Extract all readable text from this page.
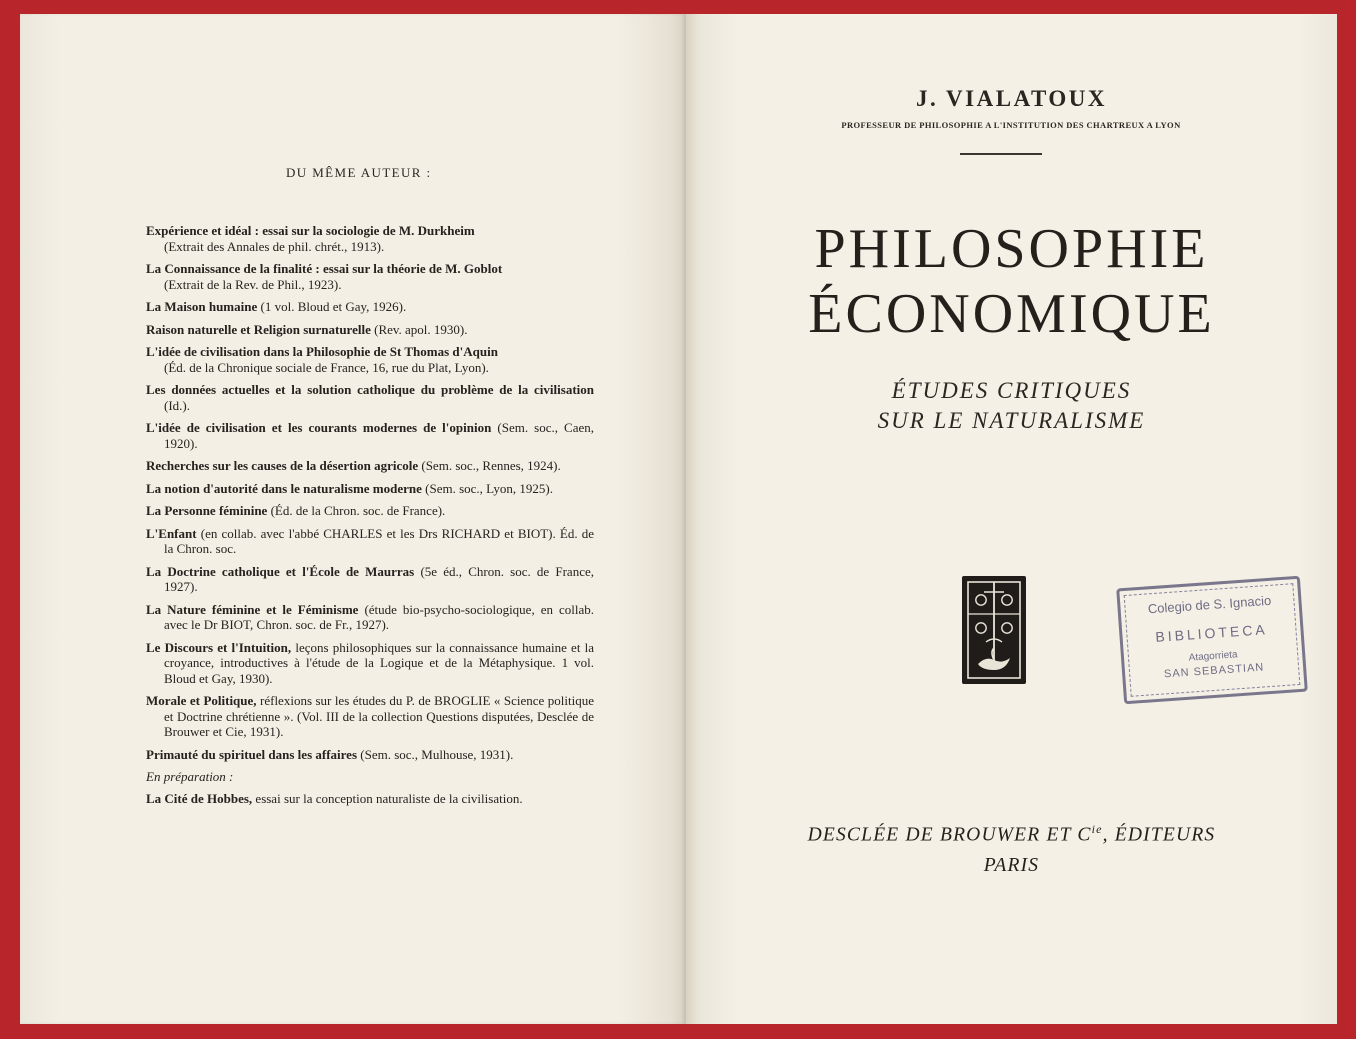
DU MÊME AUTEUR :
Expérience et idéal : essai sur la sociologie de M. Durkheim
(Extrait des Annales de phil. chrét., 1913).
La Connaissance de la finalité : essai sur la théorie de M. Goblot
(Extrait de la Rev. de Phil., 1923).
La Maison humaine (1 vol. Bloud et Gay, 1926).
Raison naturelle et Religion surnaturelle (Rev. apol. 1930).
L'idée de civilisation dans la Philosophie de St Thomas d'Aquin
(Éd. de la Chronique sociale de France, 16, rue du Plat, Lyon).
Les données actuelles et la solution catholique du problème de la civilisation (Id.).
L'idée de civilisation et les courants modernes de l'opinion (Sem. soc., Caen, 1920).
Recherches sur les causes de la désertion agricole (Sem. soc., Rennes, 1924).
La notion d'autorité dans le naturalisme moderne (Sem. soc., Lyon, 1925).
La Personne féminine (Éd. de la Chron. soc. de France).
L'Enfant (en collab. avec l'abbé CHARLES et les Drs RICHARD et BIOT). Éd. de la Chron. soc.
La Doctrine catholique et l'École de Maurras (5e éd., Chron. soc. de France, 1927).
La Nature féminine et le Féminisme (étude bio-psycho-sociologique, en collab. avec le Dr BIOT, Chron. soc. de Fr., 1927).
Le Discours et l'Intuition, leçons philosophiques sur la connaissance humaine et la croyance, introductives à l'étude de la Logique et de la Métaphysique. 1 vol. Bloud et Gay, 1930).
Morale et Politique, réflexions sur les études du P. de BROGLIE « Science politique et Doctrine chrétienne ». (Vol. III de la collection Questions disputées, Desclée de Brouwer et Cie, 1931).
Primauté du spirituel dans les affaires (Sem. soc., Mulhouse, 1931).
En préparation :
La Cité de Hobbes, essai sur la conception naturaliste de la civilisation.
J. VIALATOUX
PROFESSEUR DE PHILOSOPHIE A L'INSTITUTION DES CHARTREUX A LYON
PHILOSOPHIE
ÉCONOMIQUE
ÉTUDES CRITIQUES
SUR LE NATURALISME
Colegio de S. Ignacio
BIBLIOTECA
Atagorrieta
SAN SEBASTIAN
DESCLÉE DE BROUWER ET $C^{ie}$, ÉDITEURS
PARIS
